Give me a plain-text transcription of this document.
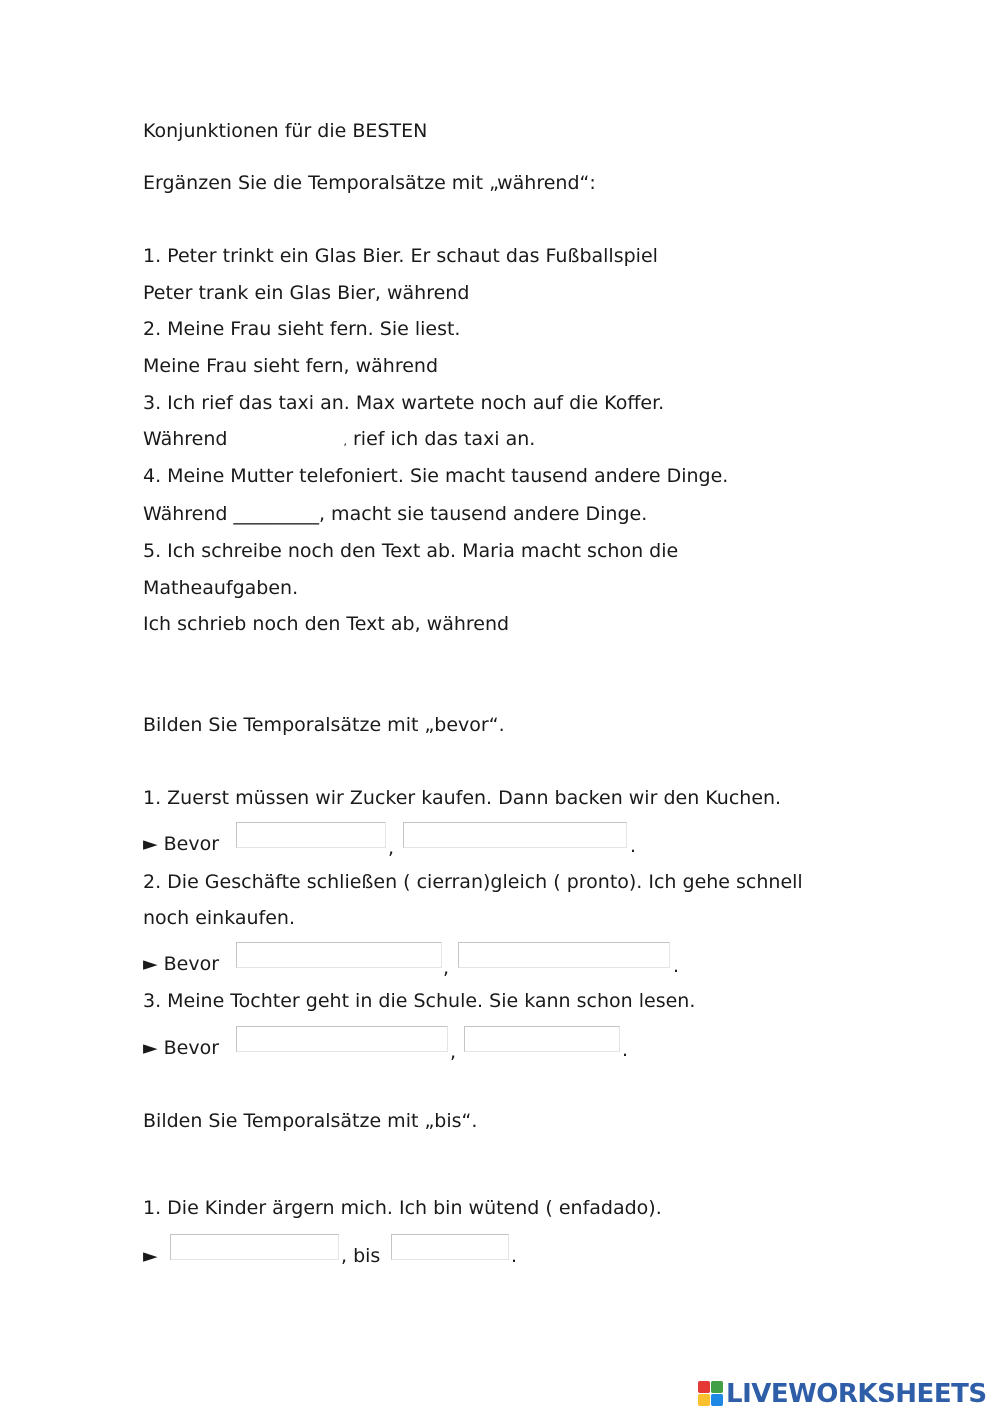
Konjunktionen für die BESTEN
Ergänzen Sie die Temporalsätze mit „während“:
1. Peter trinkt ein Glas Bier. Er schaut das Fußballspiel
Peter trank ein Glas Bier, während
2. Meine Frau sieht fern. Sie liest.
Meine Frau sieht fern, während
3. Ich rief das taxi an. Max wartete noch auf die Koffer.
Während	, rief ich das taxi an.
4. Meine Mutter telefoniert. Sie macht tausend andere Dinge.
Während _________, macht sie tausend andere Dinge.
5. Ich schreibe noch den Text ab. Maria macht schon die
Matheaufgaben.
Ich schrieb noch den Text ab, während
Bilden Sie Temporalsätze mit „bevor“.
1. Zuerst müssen wir Zucker kaufen. Dann backen wir den Kuchen.
► Bevor	,	.
2. Die Geschäfte schließen ( cierran)gleich ( pronto). Ich gehe schnell
noch einkaufen.
► Bevor	,	.
3. Meine Tochter geht in die Schule. Sie kann schon lesen.
► Bevor	,	.
Bilden Sie Temporalsätze mit „bis“.
1. Die Kinder ärgern mich. Ich bin wütend ( enfadado).
►	, bis	.
LIVEWORKSHEETS
